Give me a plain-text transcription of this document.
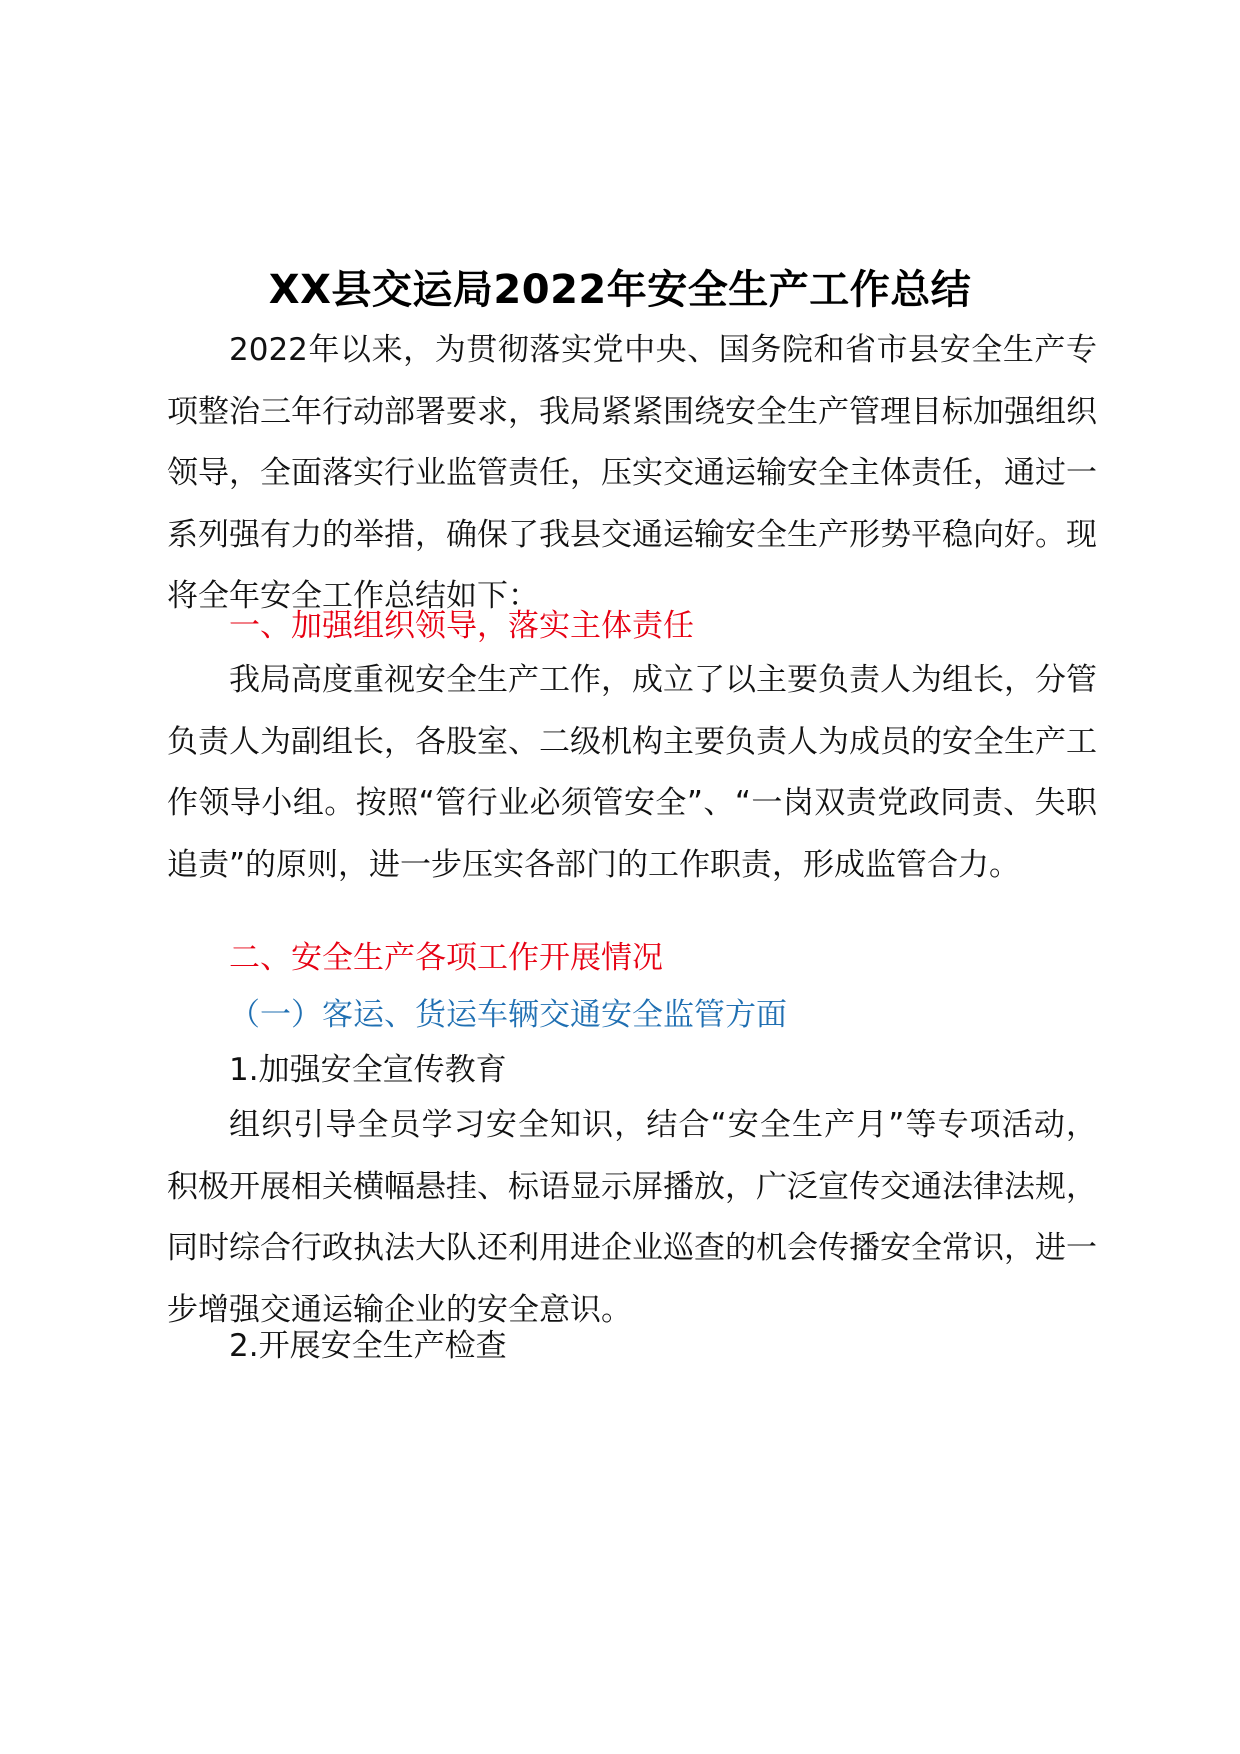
XX县交运局2022年安全生产工作总结

2022年以来，为贯彻落实党中央、国务院和省市县安全生产专项整治三年行动部署要求，我局紧紧围绕安全生产管理目标加强组织领导，全面落实行业监管责任，压实交通运输安全主体责任，通过一系列强有力的举措，确保了我县交通运输安全生产形势平稳向好。现将全年安全工作总结如下：

一、加强组织领导，落实主体责任

我局高度重视安全生产工作，成立了以主要负责人为组长，分管负责人为副组长，各股室、二级机构主要负责人为成员的安全生产工作领导小组。按照“管行业必须管安全”、“一岗双责党政同责、失职追责”的原则，进一步压实各部门的工作职责，形成监管合力。

二、安全生产各项工作开展情况

（一）客运、货运车辆交通安全监管方面

1.加强安全宣传教育

组织引导全员学习安全知识，结合“安全生产月”等专项活动，积极开展相关横幅悬挂、标语显示屏播放，广泛宣传交通法律法规，同时综合行政执法大队还利用进企业巡查的机会传播安全常识，进一步增强交通运输企业的安全意识。

2.开展安全生产检查
